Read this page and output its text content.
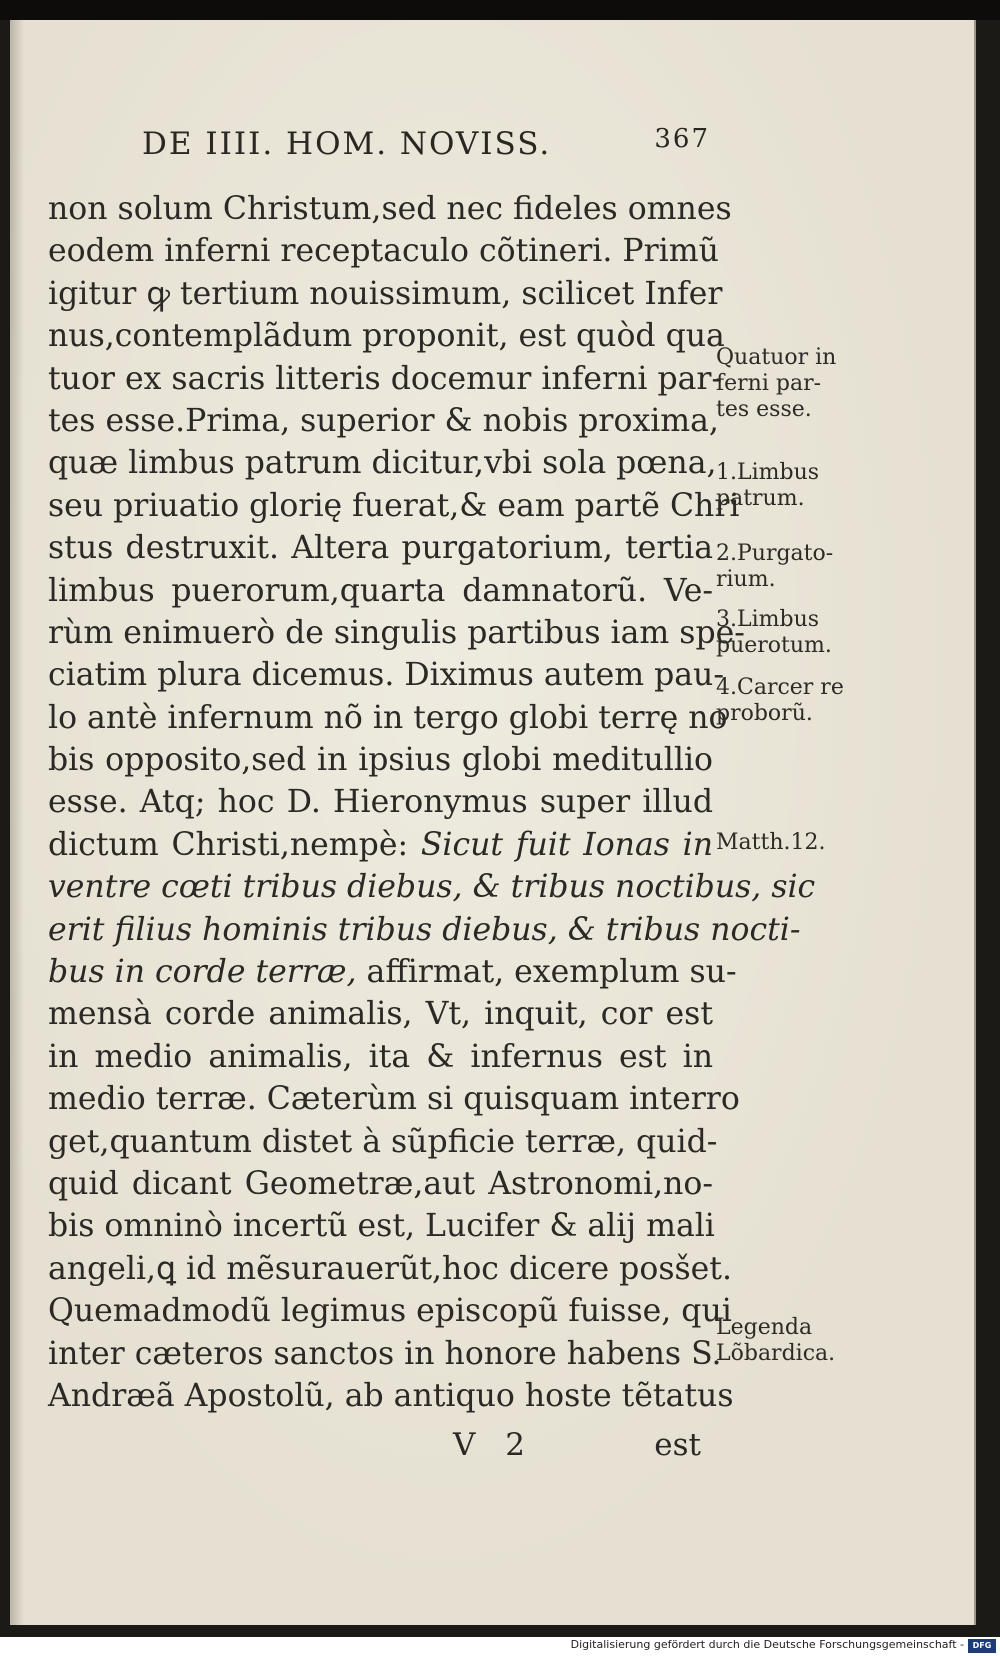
DE IIII. HOM. NOVISS.	367
non solum Christum,sed nec fideles omnes
eodem inferni receptaculo cõtineri. Primũ
igitur ꝙ tertium nouissimum, scilicet Infer
nus,contemplãdum proponit, est quòd qua
tuor ex sacris litteris docemur inferni par-
tes esse.Prima, superior & nobis proxima,
quæ limbus patrum dicitur,vbi sola pœna,
seu priuatio glorię fuerat,& eam partẽ Chri
stus destruxit. Altera purgatorium, tertia
limbus puerorum,quarta damnatorũ. Ve-
rùm enimuerò de singulis partibus iam spe-
ciatim plura dicemus. Diximus autem pau-
lo antè infernum nõ in tergo globi terrę no
bis opposito,sed in ipsius globi meditullio
esse. Atq; hoc D. Hieronymus super illud
dictum Christi,nempè: Sicut fuit Ionas in
ventre cœti tribus diebus, & tribus noctibus, sic
erit filius hominis tribus diebus, & tribus nocti-
bus in corde terræ, affirmat, exemplum su-
mensà corde animalis, Vt, inquit, cor est
in medio animalis, ita & infernus est in
medio terræ. Cæterùm si quisquam interro
get,quantum distet à sũpficie terræ, quid-
quid dicant Geometræ,aut Astronomi,no-
bis omninò incertũ est, Lucifer & alij mali
angeli,ꝗ id mẽsurauerũt,hoc dicere posšet.
Quemadmodũ legimus episcopũ fuisse, qui
inter cæteros sanctos in honore habens S.
Andræã Apostolũ, ab antiquo hoste tẽtatus
Quatuor in
ferni par-
tes esse.
1.Limbus
patrum.
2.Purgato-
rium.
3.Limbus
puerotum.
4.Carcer re
proborũ.
Matth.12.
Legenda
Lõbardica.
V 2	est
Digitalisierung gefördert durch die Deutsche Forschungsgemeinschaft -	DFG
